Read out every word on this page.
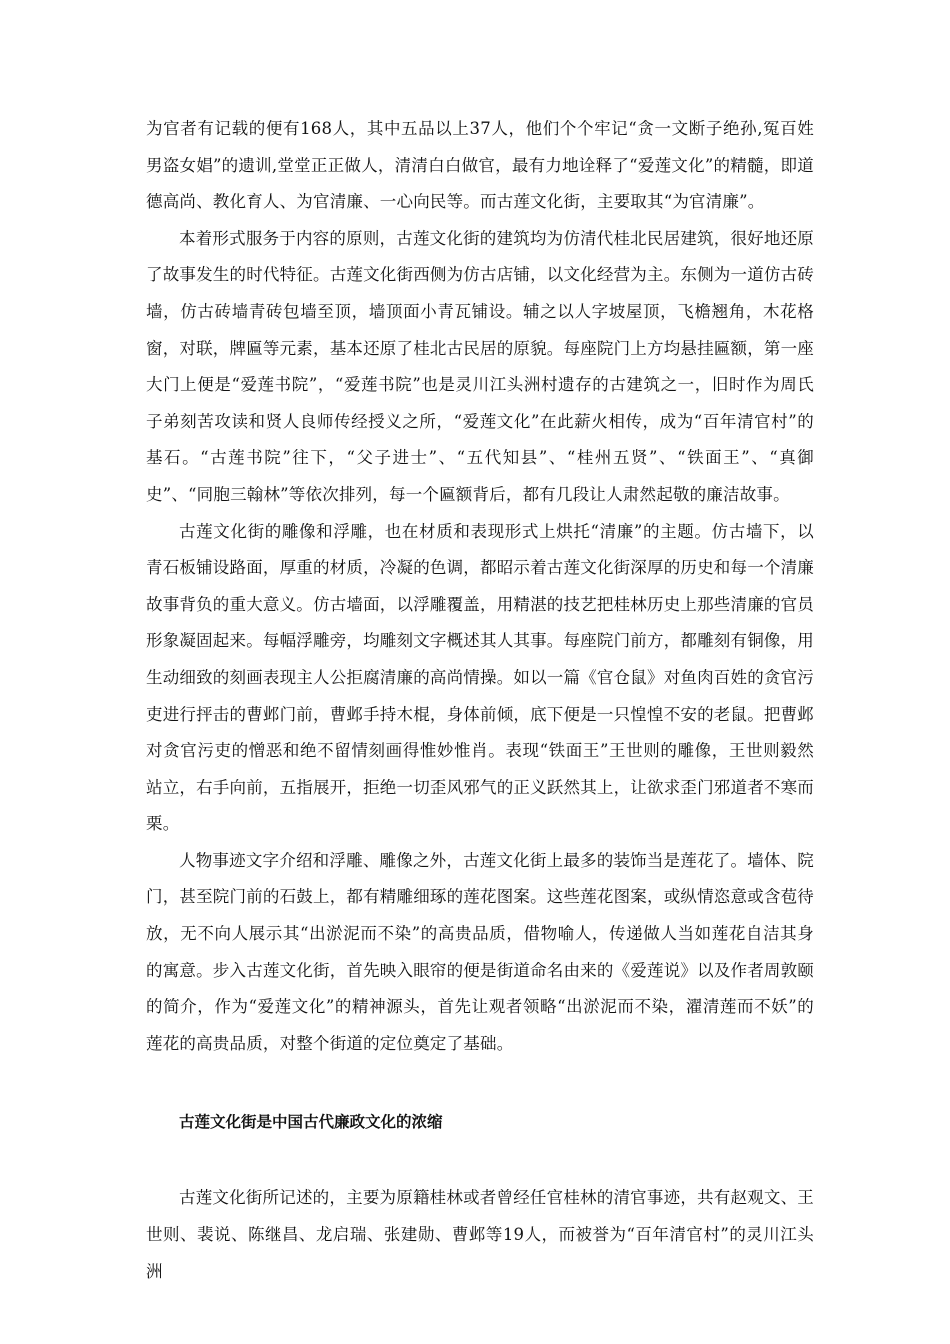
为官者有记载的便有168人，其中五品以上37人，他们个个牢记“贪一文断子绝孙,冤百姓男盗女娼”的遗训,堂堂正正做人，清清白白做官，最有力地诠释了“爱莲文化”的精髓，即道德高尚、教化育人、为官清廉、一心向民等。而古莲文化街，主要取其“为官清廉”。

本着形式服务于内容的原则，古莲文化街的建筑均为仿清代桂北民居建筑，很好地还原了故事发生的时代特征。古莲文化街西侧为仿古店铺，以文化经营为主。东侧为一道仿古砖墙，仿古砖墙青砖包墙至顶，墙顶面小青瓦铺设。辅之以人字坡屋顶，飞檐翘角，木花格窗，对联，牌匾等元素，基本还原了桂北古民居的原貌。每座院门上方均悬挂匾额，第一座大门上便是“爱莲书院”，“爱莲书院”也是灵川江头洲村遗存的古建筑之一，旧时作为周氏子弟刻苦攻读和贤人良师传经授义之所，“爱莲文化”在此薪火相传，成为“百年清官村”的基石。“古莲书院”往下，“父子进士”、“五代知县”、“桂州五贤”、“铁面王”、“真御史”、“同胞三翰林”等依次排列，每一个匾额背后，都有几段让人肃然起敬的廉洁故事。

古莲文化街的雕像和浮雕，也在材质和表现形式上烘托“清廉”的主题。仿古墙下，以青石板铺设路面，厚重的材质，冷凝的色调，都昭示着古莲文化街深厚的历史和每一个清廉故事背负的重大意义。仿古墙面，以浮雕覆盖，用精湛的技艺把桂林历史上那些清廉的官员形象凝固起来。每幅浮雕旁，均雕刻文字概述其人其事。每座院门前方，都雕刻有铜像，用生动细致的刻画表现主人公拒腐清廉的高尚情操。如以一篇《官仓鼠》对鱼肉百姓的贪官污吏进行抨击的曹邺门前，曹邺手持木棍，身体前倾，底下便是一只惶惶不安的老鼠。把曹邺对贪官污吏的憎恶和绝不留情刻画得惟妙惟肖。表现“铁面王”王世则的雕像，王世则毅然站立，右手向前，五指展开，拒绝一切歪风邪气的正义跃然其上，让欲求歪门邪道者不寒而栗。

人物事迹文字介绍和浮雕、雕像之外，古莲文化街上最多的装饰当是莲花了。墙体、院门，甚至院门前的石鼓上，都有精雕细琢的莲花图案。这些莲花图案，或纵情恣意或含苞待放，无不向人展示其“出淤泥而不染”的高贵品质，借物喻人，传递做人当如莲花自洁其身的寓意。步入古莲文化街，首先映入眼帘的便是街道命名由来的《爱莲说》以及作者周敦颐的简介，作为“爱莲文化”的精神源头，首先让观者领略“出淤泥而不染，濯清莲而不妖”的莲花的高贵品质，对整个街道的定位奠定了基础。

古莲文化街是中国古代廉政文化的浓缩

古莲文化街所记述的，主要为原籍桂林或者曾经任官桂林的清官事迹，共有赵观文、王世则、裴说、陈继昌、龙启瑞、张建勋、曹邺等19人，而被誉为“百年清官村”的灵川江头洲
